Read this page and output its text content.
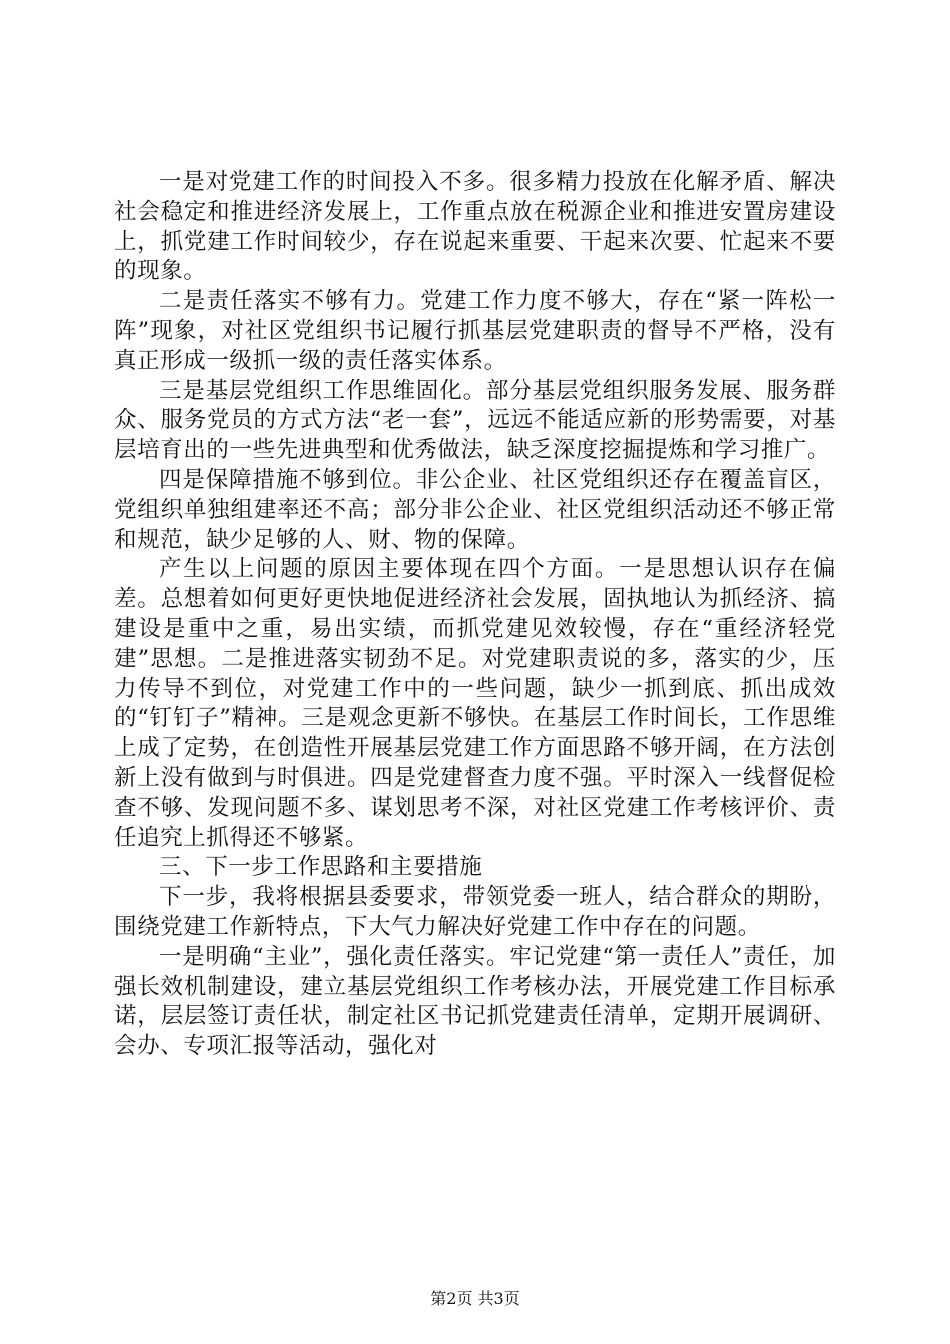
一是对党建工作的时间投入不多。很多精力投放在化解矛盾、解决社会稳定和推进经济发展上，工作重点放在税源企业和推进安置房建设上，抓党建工作时间较少，存在说起来重要、干起来次要、忙起来不要的现象。

二是责任落实不够有力。党建工作力度不够大，存在“紧一阵松一阵”现象，对社区党组织书记履行抓基层党建职责的督导不严格，没有真正形成一级抓一级的责任落实体系。

三是基层党组织工作思维固化。部分基层党组织服务发展、服务群众、服务党员的方式方法“老一套”，远远不能适应新的形势需要，对基层培育出的一些先进典型和优秀做法，缺乏深度挖掘提炼和学习推广。

四是保障措施不够到位。非公企业、社区党组织还存在覆盖盲区，党组织单独组建率还不高；部分非公企业、社区党组织活动还不够正常和规范，缺少足够的人、财、物的保障。

产生以上问题的原因主要体现在四个方面。一是思想认识存在偏差。总想着如何更好更快地促进经济社会发展，固执地认为抓经济、搞建设是重中之重，易出实绩，而抓党建见效较慢，存在“重经济轻党建”思想。二是推进落实韧劲不足。对党建职责说的多，落实的少，压力传导不到位，对党建工作中的一些问题，缺少一抓到底、抓出成效的“钉钉子”精神。三是观念更新不够快。在基层工作时间长，工作思维上成了定势，在创造性开展基层党建工作方面思路不够开阔，在方法创新上没有做到与时俱进。四是党建督查力度不强。平时深入一线督促检查不够、发现问题不多、谋划思考不深，对社区党建工作考核评价、责任追究上抓得还不够紧。

三、下一步工作思路和主要措施

下一步，我将根据县委要求，带领党委一班人，结合群众的期盼，围绕党建工作新特点，下大气力解决好党建工作中存在的问题。

一是明确“主业”，强化责任落实。牢记党建“第一责任人”责任，加强长效机制建设，建立基层党组织工作考核办法，开展党建工作目标承诺，层层签订责任状，制定社区书记抓党建责任清单，定期开展调研、会办、专项汇报等活动，强化对

第2页 共3页
